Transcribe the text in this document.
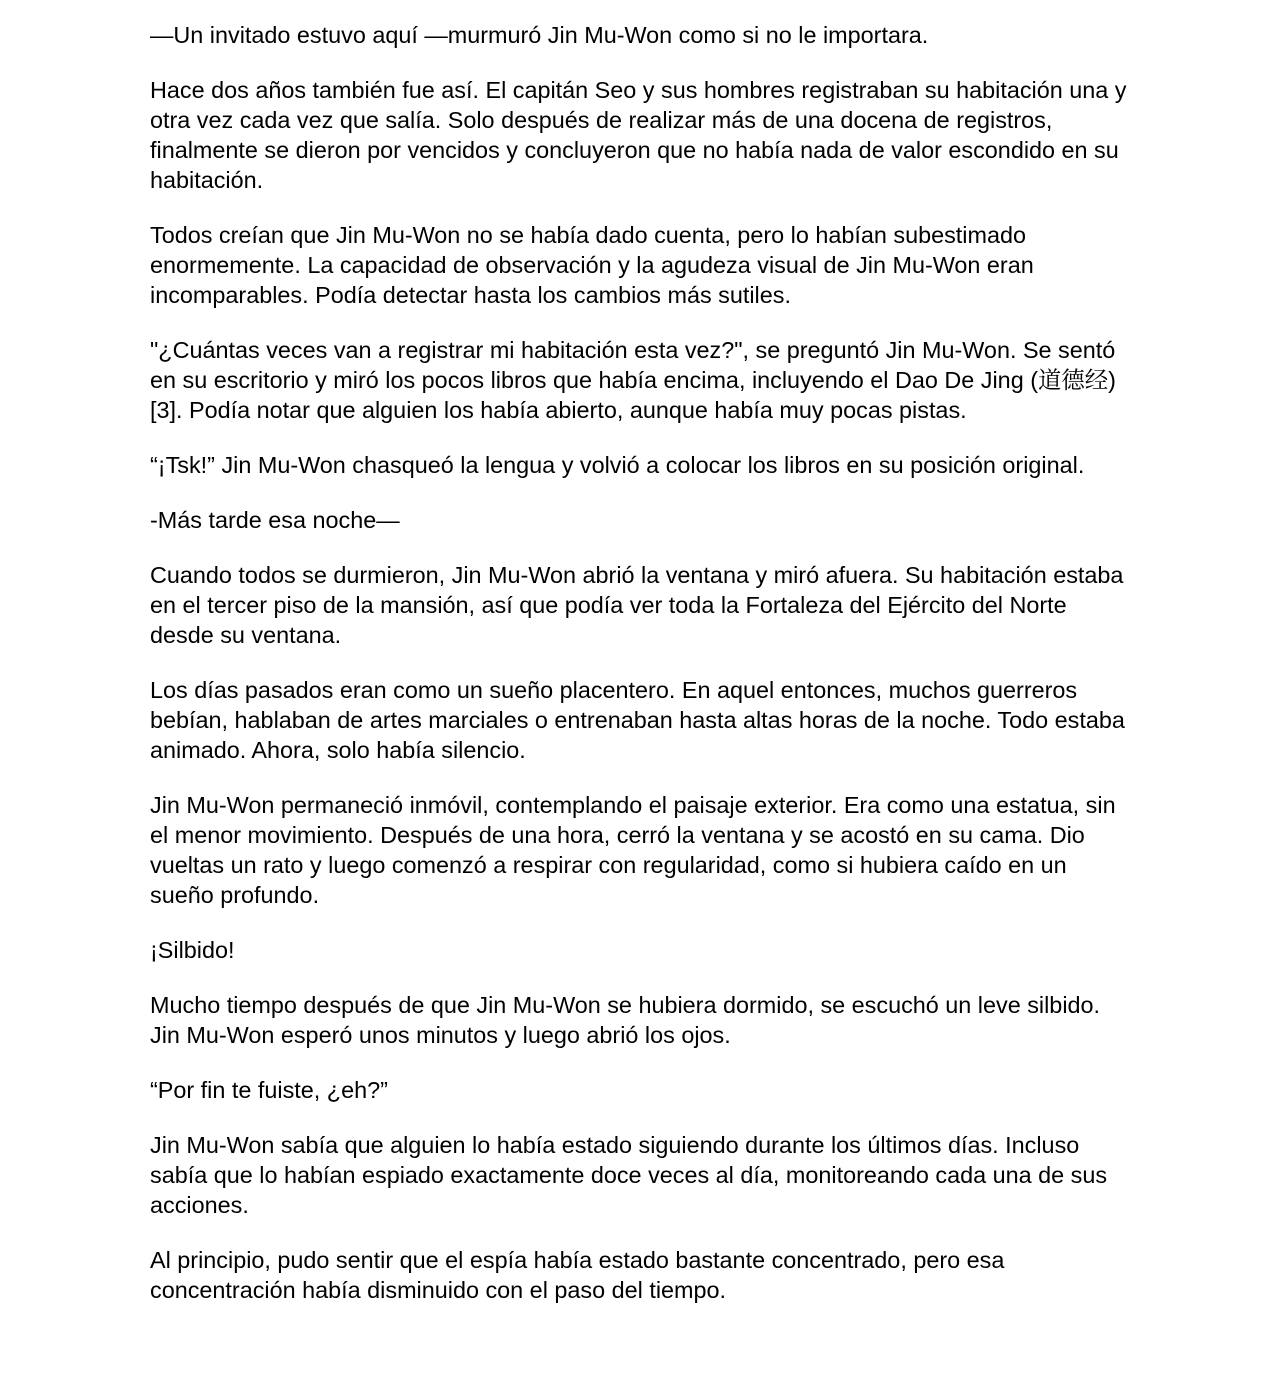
—Un invitado estuvo aquí —murmuró Jin Mu-Won como si no le importara.

Hace dos años también fue así. El capitán Seo y sus hombres registraban su habitación una y otra vez cada vez que salía. Solo después de realizar más de una docena de registros, finalmente se dieron por vencidos y concluyeron que no había nada de valor escondido en su habitación.

Todos creían que Jin Mu-Won no se había dado cuenta, pero lo habían subestimado enormemente. La capacidad de observación y la agudeza visual de Jin Mu-Won eran incomparables. Podía detectar hasta los cambios más sutiles.

"¿Cuántas veces van a registrar mi habitación esta vez?", se preguntó Jin Mu-Won. Se sentó en su escritorio y miró los pocos libros que había encima, incluyendo el Dao De Jing (道德经) [3]. Podía notar que alguien los había abierto, aunque había muy pocas pistas.

“¡Tsk!” Jin Mu-Won chasqueó la lengua y volvió a colocar los libros en su posición original.

-Más tarde esa noche—

Cuando todos se durmieron, Jin Mu-Won abrió la ventana y miró afuera. Su habitación estaba en el tercer piso de la mansión, así que podía ver toda la Fortaleza del Ejército del Norte desde su ventana.

Los días pasados eran como un sueño placentero. En aquel entonces, muchos guerreros bebían, hablaban de artes marciales o entrenaban hasta altas horas de la noche. Todo estaba animado. Ahora, solo había silencio.

Jin Mu-Won permaneció inmóvil, contemplando el paisaje exterior. Era como una estatua, sin el menor movimiento. Después de una hora, cerró la ventana y se acostó en su cama. Dio vueltas un rato y luego comenzó a respirar con regularidad, como si hubiera caído en un sueño profundo.

¡Silbido!

Mucho tiempo después de que Jin Mu-Won se hubiera dormido, se escuchó un leve silbido. Jin Mu-Won esperó unos minutos y luego abrió los ojos.

“Por fin te fuiste, ¿eh?”

Jin Mu-Won sabía que alguien lo había estado siguiendo durante los últimos días. Incluso sabía que lo habían espiado exactamente doce veces al día, monitoreando cada una de sus acciones.

Al principio, pudo sentir que el espía había estado bastante concentrado, pero esa concentración había disminuido con el paso del tiempo.
